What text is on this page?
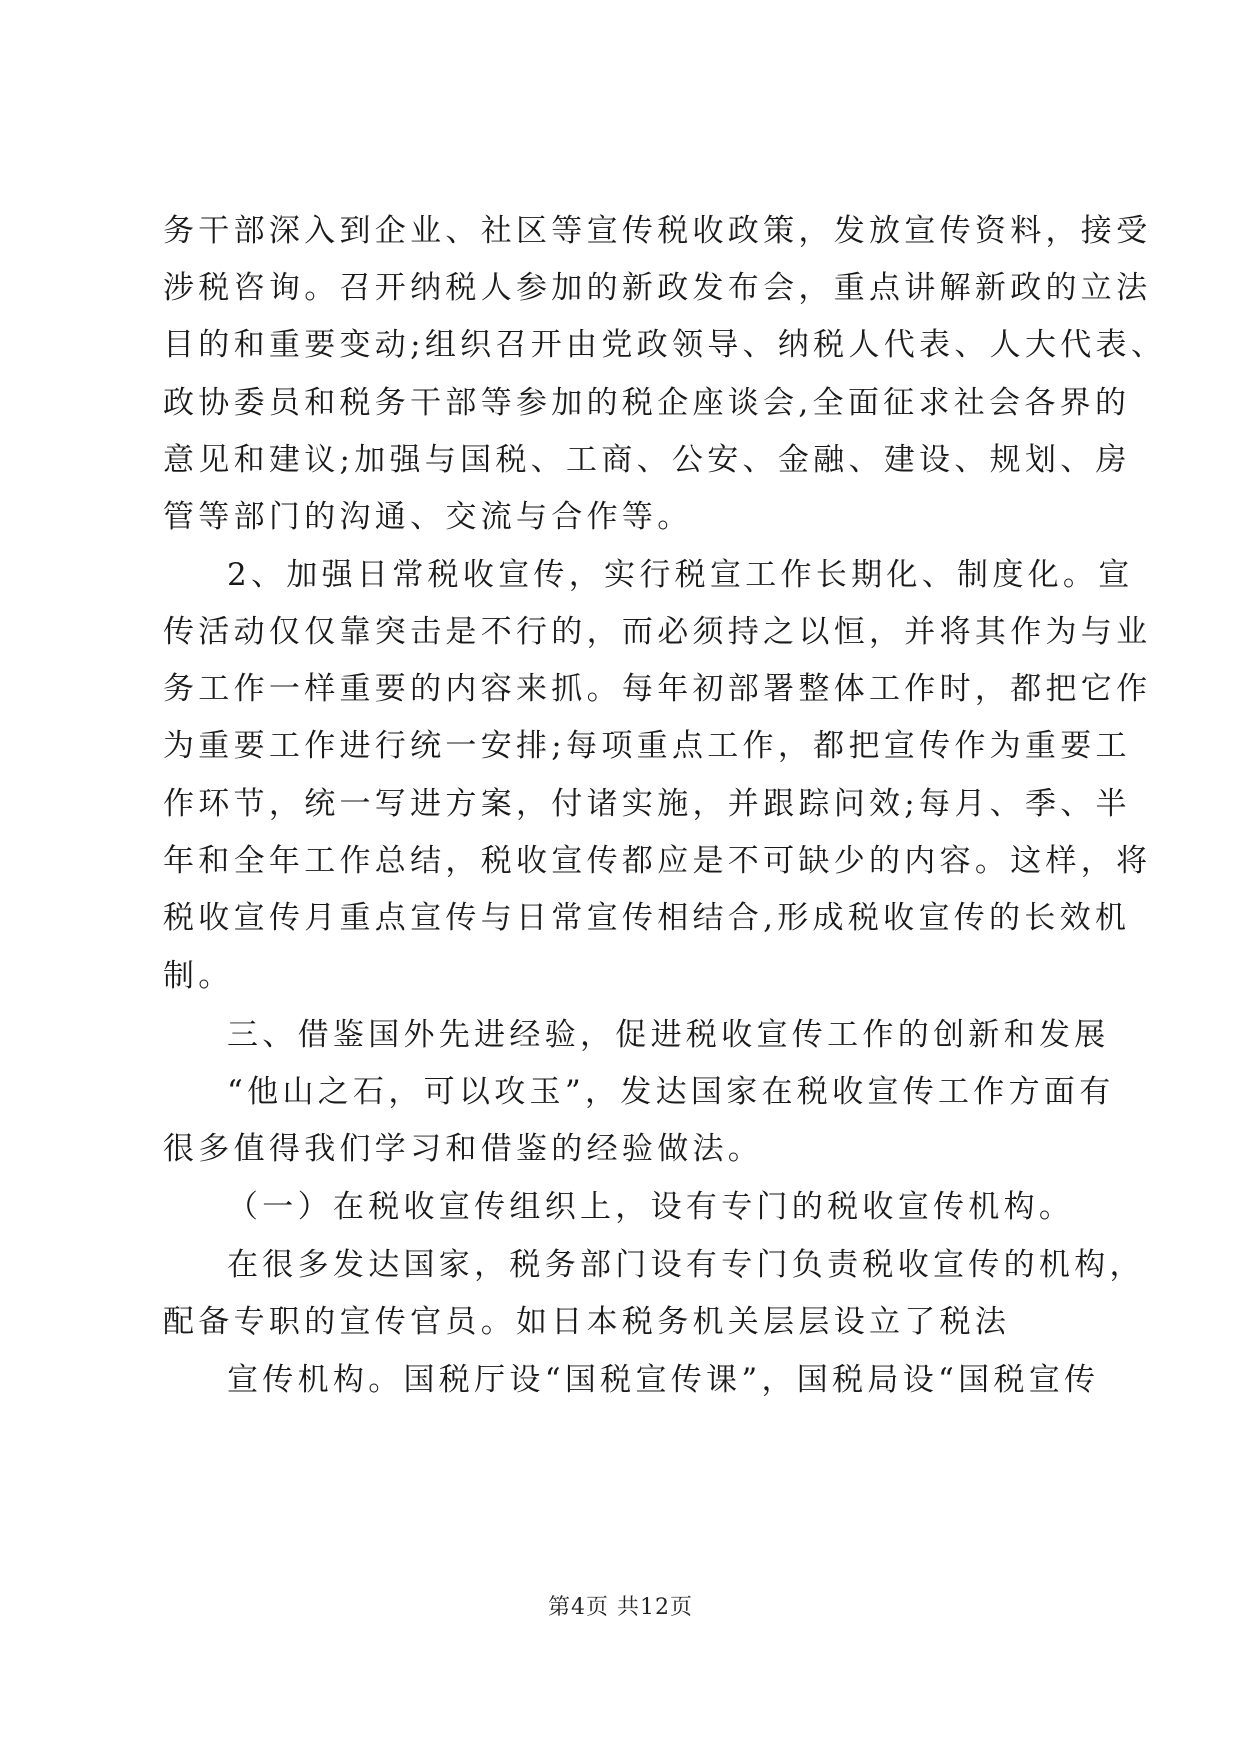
务干部深入到企业、社区等宣传税收政策，发放宣传资料，接受
涉税咨询。召开纳税人参加的新政发布会，重点讲解新政的立法
目的和重要变动;组织召开由党政领导、纳税人代表、人大代表、
政协委员和税务干部等参加的税企座谈会,全面征求社会各界的
意见和建议;加强与国税、工商、公安、金融、建设、规划、房
管等部门的沟通、交流与合作等。
2、加强日常税收宣传，实行税宣工作长期化、制度化。宣
传活动仅仅靠突击是不行的，而必须持之以恒，并将其作为与业
务工作一样重要的内容来抓。每年初部署整体工作时，都把它作
为重要工作进行统一安排;每项重点工作，都把宣传作为重要工
作环节，统一写进方案，付诸实施，并跟踪问效;每月、季、半
年和全年工作总结，税收宣传都应是不可缺少的内容。这样，将
税收宣传月重点宣传与日常宣传相结合,形成税收宣传的长效机
制。
三、借鉴国外先进经验，促进税收宣传工作的创新和发展
“他山之石，可以攻玉”，发达国家在税收宣传工作方面有
很多值得我们学习和借鉴的经验做法。
（一）在税收宣传组织上，设有专门的税收宣传机构。
在很多发达国家，税务部门设有专门负责税收宣传的机构，
配备专职的宣传官员。如日本税务机关层层设立了税法
宣传机构。国税厅设“国税宣传课”，国税局设“国税宣传
第4页 共12页
